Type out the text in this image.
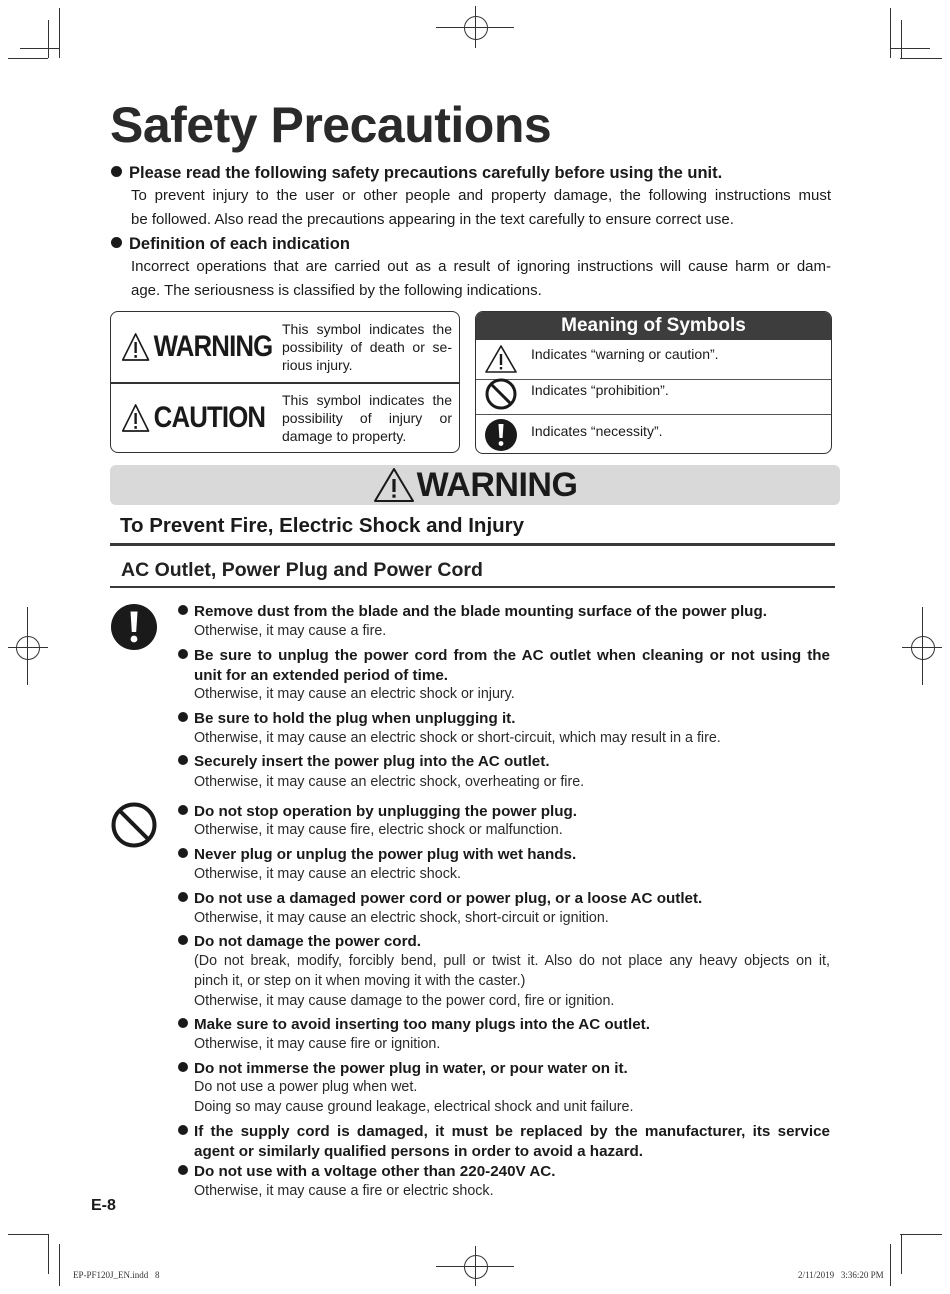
Safety Precautions
Please read the following safety precautions carefully before using the unit.
To prevent injury to the user or other people and property damage, the following instructions must
be followed. Also read the precautions appearing in the text carefully to ensure correct use.
Definition of each indication
Incorrect operations that are carried out as a result of ignoring instructions will cause harm or dam-
age. The seriousness is classified by the following indications.
WARNING
This symbol indicates the possibility of death or se-rious injury.
CAUTION
This symbol indicates the possibility of injury or damage to property.
Meaning of Symbols
Indicates “warning or caution”.
Indicates “prohibition”.
Indicates “necessity”.
WARNING
To Prevent Fire, Electric Shock and Injury
AC Outlet, Power Plug and Power Cord
Remove dust from the blade and the blade mounting surface of the power plug.
Otherwise, it may cause a fire.
Be sure to unplug the power cord from the AC outlet when cleaning or not using the
unit for an extended period of time.
Otherwise, it may cause an electric shock or injury.
Be sure to hold the plug when unplugging it.
Otherwise, it may cause an electric shock or short-circuit, which may result in a fire.
Securely insert the power plug into the AC outlet.
Otherwise, it may cause an electric shock, overheating or fire.
Do not stop operation by unplugging the power plug.
Otherwise, it may cause fire, electric shock or malfunction.
Never plug or unplug the power plug with wet hands.
Otherwise, it may cause an electric shock.
Do not use a damaged power cord or power plug, or a loose AC outlet.
Otherwise, it may cause an electric shock, short-circuit or ignition.
Do not damage the power cord.
(Do not break, modify, forcibly bend, pull or twist it. Also do not place any heavy objects on it,
pinch it, or step on it when moving it with the caster.)
Otherwise, it may cause damage to the power cord, fire or ignition.
Make sure to avoid inserting too many plugs into the AC outlet.
Otherwise, it may cause fire or ignition.
Do not immerse the power plug in water, or pour water on it.
Do not use a power plug when wet.
Doing so may cause ground leakage, electrical shock and unit failure.
If the supply cord is damaged, it must be replaced by the manufacturer, its service
agent or similarly qualified persons in order to avoid a hazard.
Do not use with a voltage other than 220-240V AC.
Otherwise, it may cause a fire or electric shock.
E-8
EP-PF120J_EN.indd   8	2/11/2019   3:36:20 PM
